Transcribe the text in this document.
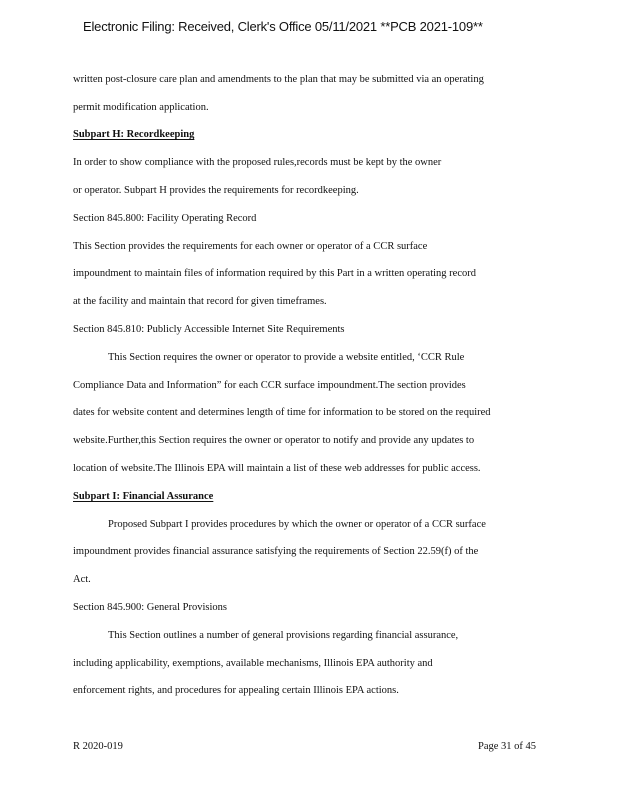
Electronic Filing: Received, Clerk's Office 05/11/2021 **PCB 2021-109**
written post-closure care plan and amendments to the plan that may be submitted via an operating
permit modification application.
Subpart H: Recordkeeping
In order to show compliance with the proposed rules,records must be kept by the owner
or operator. Subpart H provides the requirements for recordkeeping.
Section 845.800: Facility Operating Record
This Section provides the requirements for each owner or operator of a CCR surface
impoundment to maintain files of information required by this Part in a written operating record
at the facility and maintain that record for given timeframes.
Section 845.810: Publicly Accessible Internet Site Requirements
This Section requires the owner or operator to provide a website entitled, ‘CCR Rule
Compliance Data and Information” for each CCR surface impoundment.The section provides
dates for website content and determines length of time for information to be stored on the required
website.Further,this Section requires the owner or operator to notify and provide any updates to
location of website.The Illinois EPA will maintain a list of these web addresses for public access.
Subpart I: Financial Assurance
Proposed Subpart I provides procedures by which the owner or operator of a CCR surface
impoundment provides financial assurance satisfying the requirements of Section 22.59(f) of the
Act.
Section 845.900: General Provisions
This Section outlines a number of general provisions regarding financial assurance,
including applicability, exemptions, available mechanisms, Illinois EPA authority and
enforcement rights, and procedures for appealing certain Illinois EPA actions.
R 2020-019	Page 31 of 45
